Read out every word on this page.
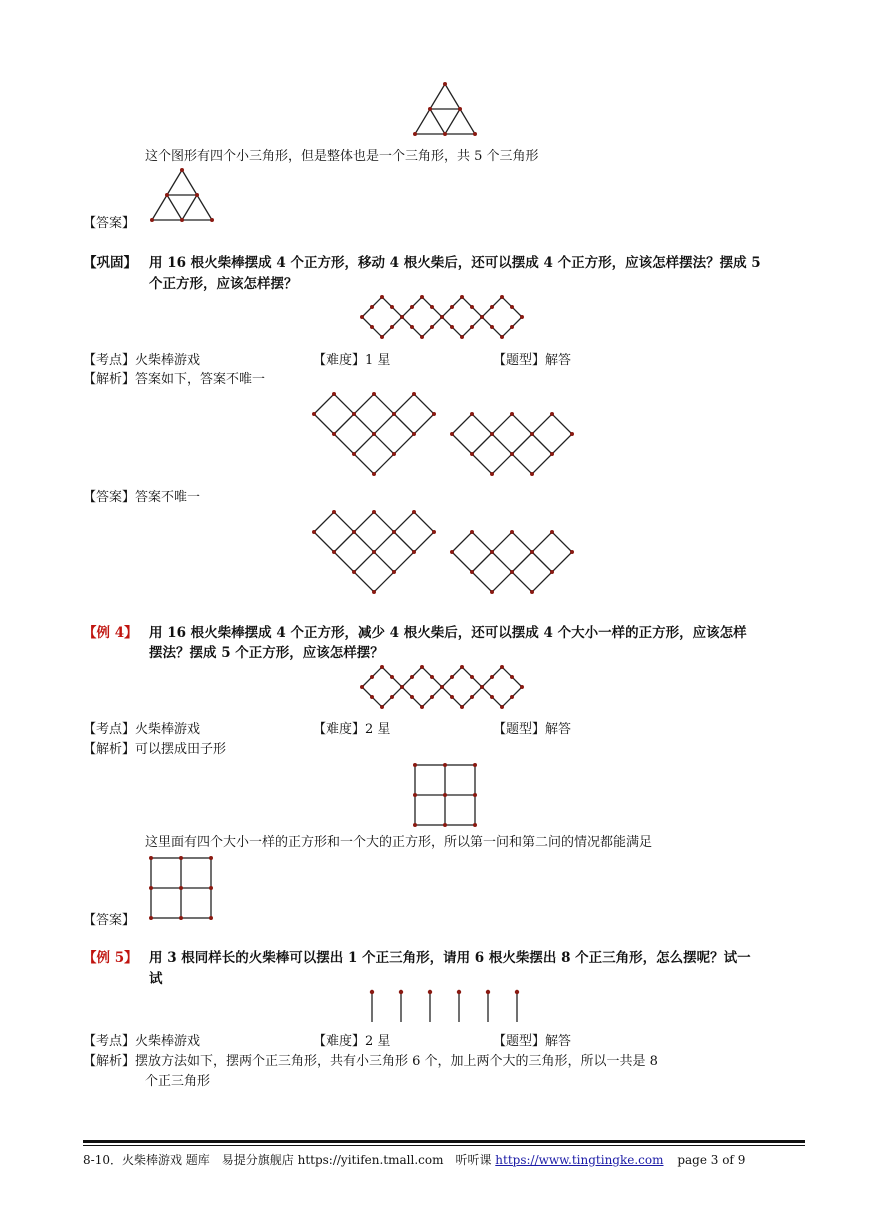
这个图形有四个小三角形，但是整体也是一个三角形，共 5 个三角形
【答案】
【巩固】 用 16 根火柴棒摆成 4 个正方形，移动 4 根火柴后，还可以摆成 4 个正方形，应该怎样摆法？摆成 5
个正方形，应该怎样摆？
【考点】火柴棒游戏	【难度】1 星	【题型】解答
【解析】答案如下，答案不唯一
【答案】答案不唯一
【例 4】 用 16 根火柴棒摆成 4 个正方形，减少 4 根火柴后，还可以摆成 4 个大小一样的正方形，应该怎样
摆法？摆成 5 个正方形，应该怎样摆？
【考点】火柴棒游戏	【难度】2 星	【题型】解答
【解析】可以摆成田子形
这里面有四个大小一样的正方形和一个大的正方形，所以第一问和第二问的情况都能满足
【答案】
【例 5】 用 3 根同样长的火柴棒可以摆出 1 个正三角形，请用 6 根火柴摆出 8 个正三角形，怎么摆呢？试一
试
【考点】火柴棒游戏	【难度】2 星	【题型】解答
【解析】摆放方法如下，摆两个正三角形，共有小三角形 6 个，加上两个大的三角形，所以一共是 8
个正三角形
8-10．火柴棒游戏 题库　易提分旗舰店 https://yitifen.tmall.com　听听课 https://www.tingtingke.com page 3 of 9
